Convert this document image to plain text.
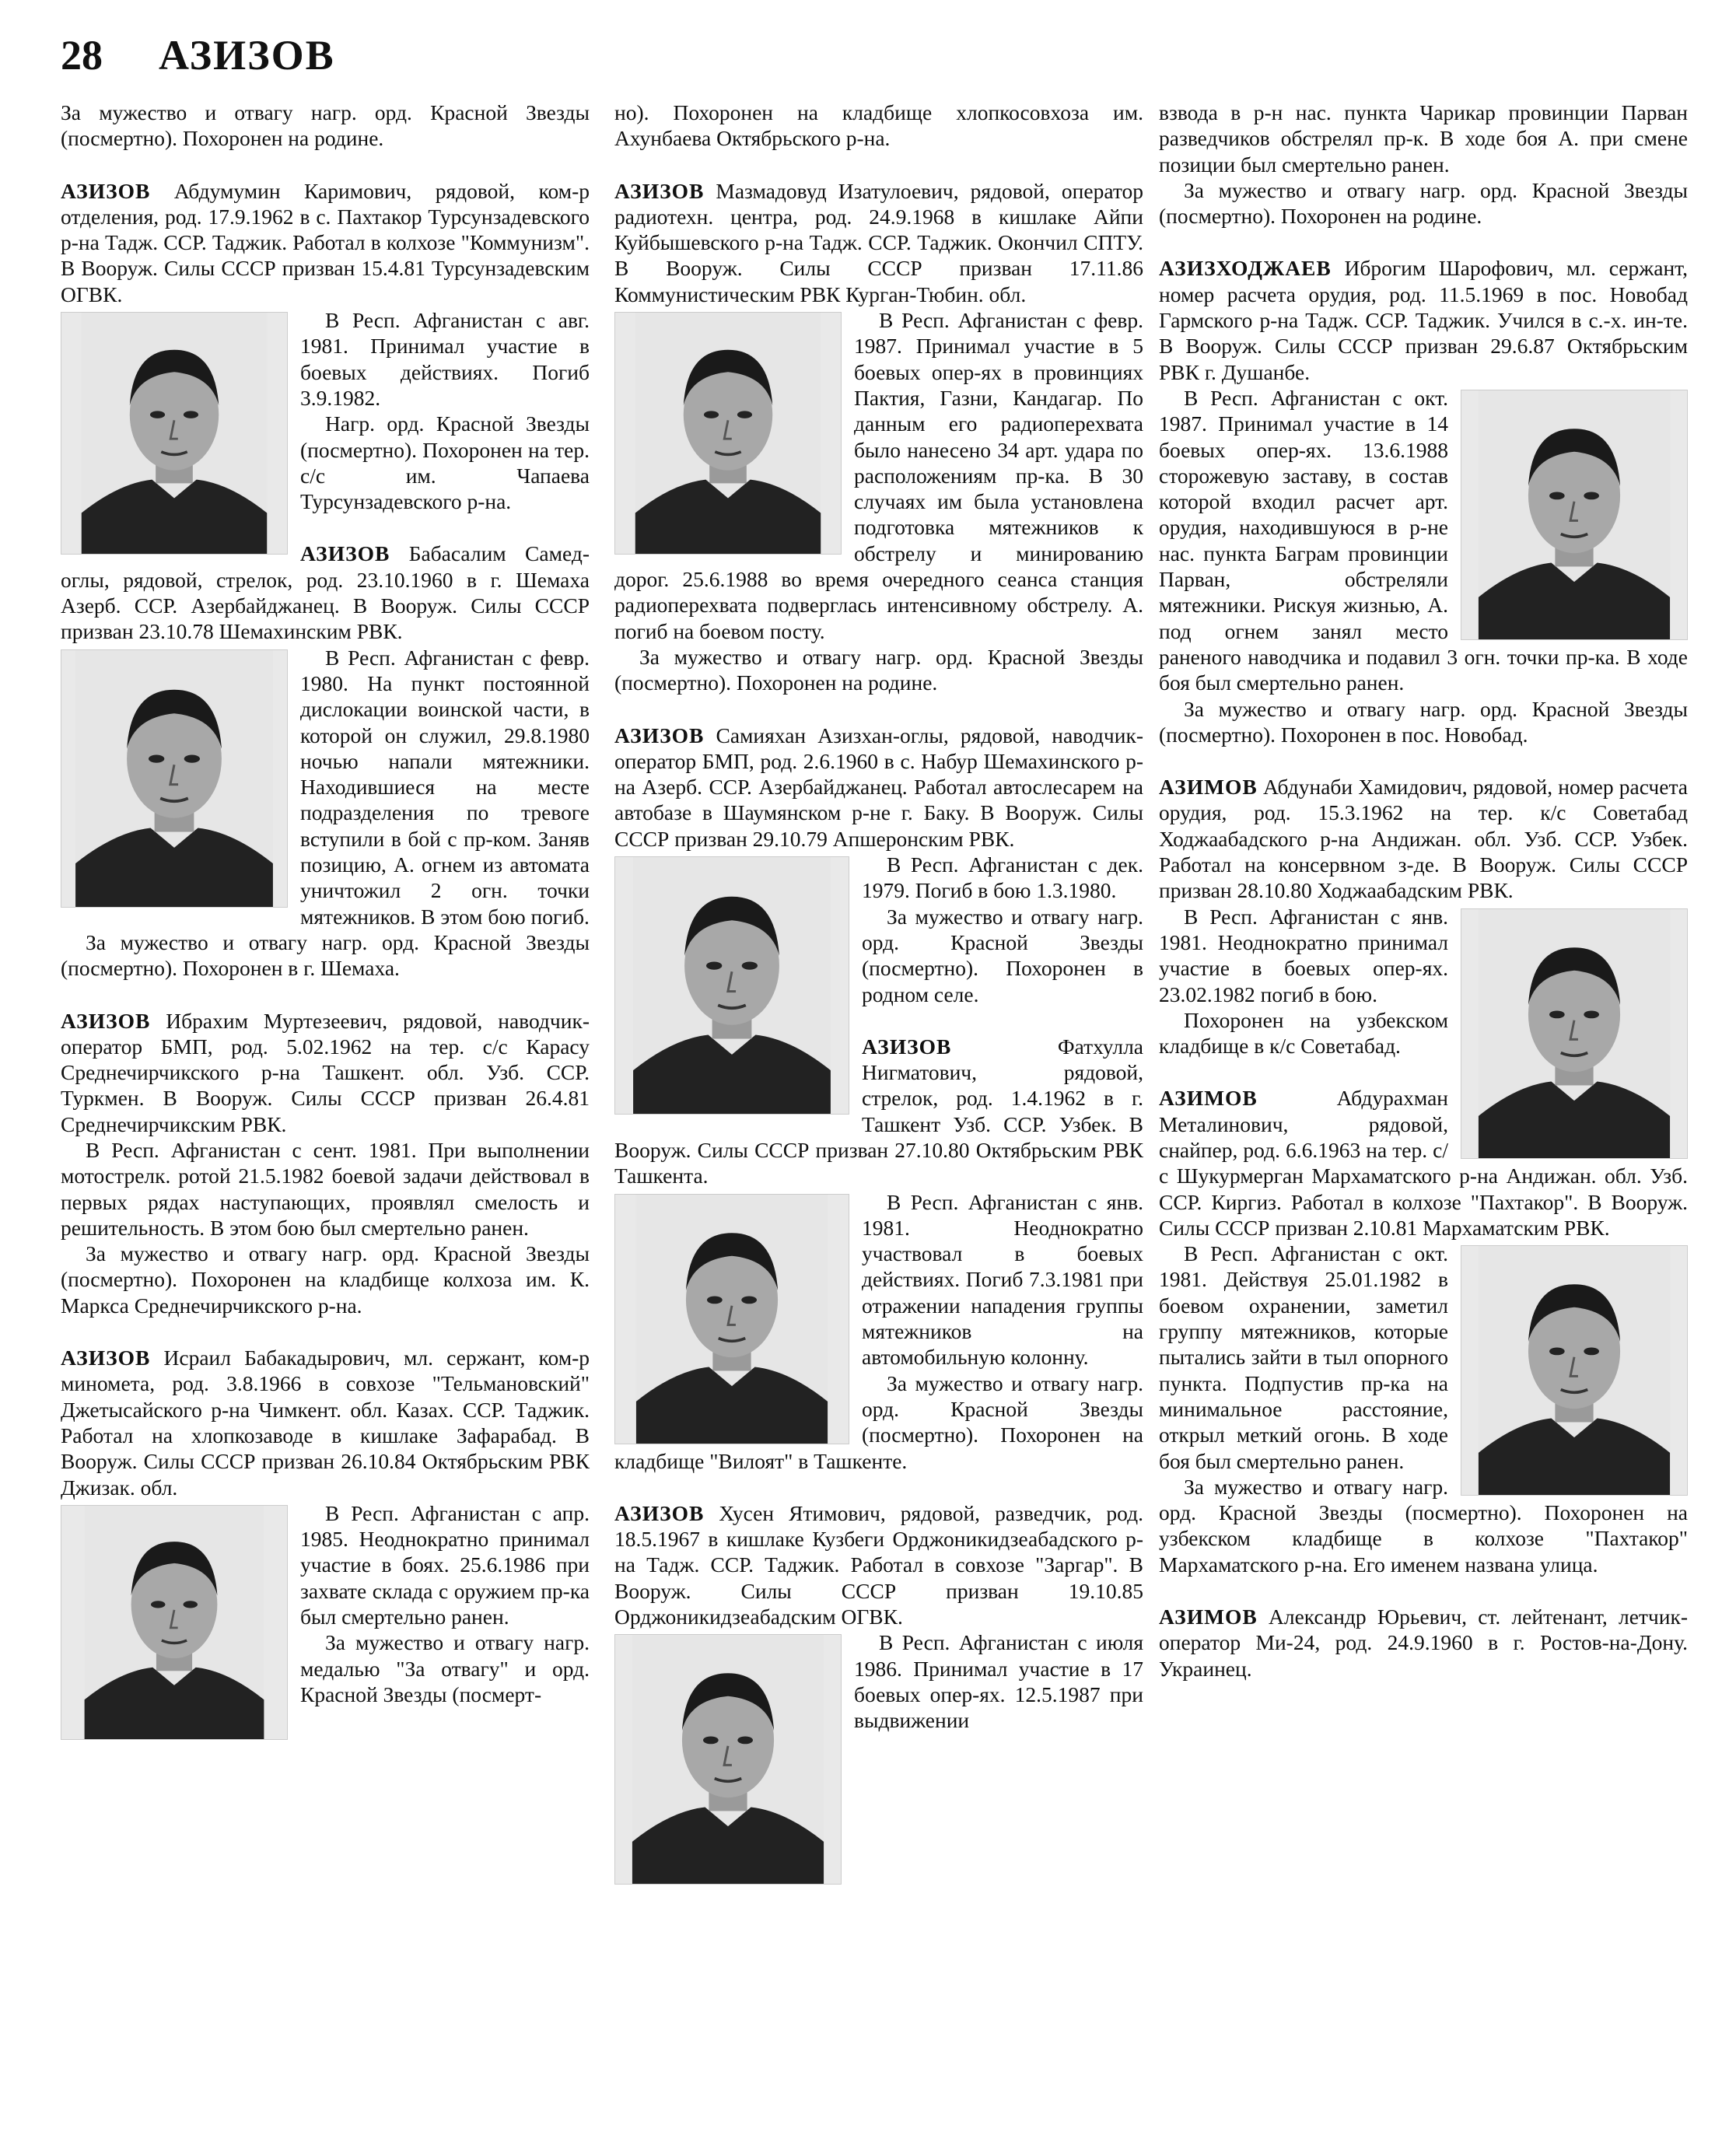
28 АЗИЗОВ

За мужество и отвагу нагр. орд. Красной Звезды (посмертно). Похоронен на родине.

АЗИЗОВ Абдумумин Каримович, рядовой, ком-р отделения, род. 17.9.1962 в с. Пахтакор Турсунзадевского р-на Тадж. ССР. Таджик. Работал в колхозе "Коммунизм". В Вооруж. Силы СССР призван 15.4.81 Турсунзадевским ОГВК.

В Респ. Афганистан с авг. 1981. Принимал участие в боевых действиях. Погиб 3.9.1982.

Нагр. орд. Красной Звезды (посмертно). Похоронен на тер. с/с им. Чапаева Турсунзадевского р-на.

АЗИЗОВ Бабасалим Самед-оглы, рядовой, стрелок, род. 23.10.1960 в г. Шемаха Азерб. ССР. Азербайджанец. В Вооруж. Силы СССР призван 23.10.78 Шемахинским РВК.

В Респ. Афганистан с февр. 1980. На пункт постоянной дислокации воинской части, в которой он служил, 29.8.1980 ночью напали мятежники. Находившиеся на месте подразделения по тревоге вступили в бой с пр-ком. Заняв позицию, А. огнем из автомата уничтожил 2 огн. точки мятежников. В этом бою погиб.

За мужество и отвагу нагр. орд. Красной Звезды (посмертно). Похоронен в г. Шемаха.

АЗИЗОВ Ибрахим Муртезеевич, рядовой, наводчик-оператор БМП, род. 5.02.1962 на тер. с/с Карасу Среднечирчикского р-на Ташкент. обл. Узб. ССР. Туркмен. В Вооруж. Силы СССР призван 26.4.81 Среднечирчикским РВК.

В Респ. Афганистан с сент. 1981. При выполнении мотострелк. ротой 21.5.1982 боевой задачи действовал в первых рядах наступающих, проявлял смелость и решительность. В этом бою был смертельно ранен.

За мужество и отвагу нагр. орд. Красной Звезды (посмертно). Похоронен на кладбище колхоза им. К. Маркса Среднечирчикского р-на.

АЗИЗОВ Исраил Бабакадырович, мл. сержант, ком-р миномета, род. 3.8.1966 в совхозе "Тельмановский" Джетысайского р-на Чимкент. обл. Казах. ССР. Таджик. Работал на хлопкозаводе в кишлаке Зафарабад. В Вооруж. Силы СССР призван 26.10.84 Октябрьским РВК Джизак. обл.

В Респ. Афганистан с апр. 1985. Неоднократно принимал участие в боях. 25.6.1986 при захвате склада с оружием пр-ка был смертельно ранен.

За мужество и отвагу нагр. медалью "За отвагу" и орд. Красной Звезды (посмерт-

но). Похоронен на кладбище хлопкосовхоза им. Ахунбаева Октябрьского р-на.

АЗИЗОВ Мазмадовуд Изатулоевич, рядовой, оператор радиотехн. центра, род. 24.9.1968 в кишлаке Айпи Куйбышевского р-на Тадж. ССР. Таджик. Окончил СПТУ. В Вооруж. Силы СССР призван 17.11.86 Коммунистическим РВК Курган-Тюбин. обл.

В Респ. Афганистан с февр. 1987. Принимал участие в 5 боевых опер-ях в провинциях Пактия, Газни, Кандагар. По данным его радиоперехвата было нанесено 34 арт. удара по расположениям пр-ка. В 30 случаях им была установлена подготовка мятежников к обстрелу и минированию дорог. 25.6.1988 во время очередного сеанса станция радиоперехвата подверглась интенсивному обстрелу. А. погиб на боевом посту.

За мужество и отвагу нагр. орд. Красной Звезды (посмертно). Похоронен на родине.

АЗИЗОВ Самияхан Азизхан-оглы, рядовой, наводчик-оператор БМП, род. 2.6.1960 в с. Набур Шемахинского р-на Азерб. ССР. Азербайджанец. Работал автослесарем на автобазе в Шаумянском р-не г. Баку. В Вооруж. Силы СССР призван 29.10.79 Апшеронским РВК.

В Респ. Афганистан с дек. 1979. Погиб в бою 1.3.1980.

За мужество и отвагу нагр. орд. Красной Звезды (посмертно). Похоронен в родном селе.

АЗИЗОВ	Фатхулла Нигматович, рядовой, стрелок, род. 1.4.1962 в г. Ташкент Узб. ССР. Узбек. В Вооруж. Силы СССР призван 27.10.80 Октябрьским РВК Ташкента.

В Респ. Афганистан с янв. 1981. Неоднократно участвовал в боевых действиях. Погиб 7.3.1981 при отражении нападения группы мятежников на автомобильную колонну.

За мужество и отвагу нагр. орд. Красной Звезды (посмертно). Похоронен на кладбище "Вилоят" в Ташкенте.

АЗИЗОВ Хусен Ятимович, рядовой, разведчик, род. 18.5.1967 в кишлаке Кузбеги Орджоникидзеабадского р-на Тадж. ССР. Таджик. Работал в совхозе "Заргар". В Вооруж. Силы СССР призван 19.10.85 Орджоникидзеабадским ОГВК.

В Респ. Афганистан с июля 1986. Принимал участие в 17 боевых опер-ях. 12.5.1987 при выдвижении

взвода в р-н нас. пункта Чарикар провинции Парван разведчиков обстрелял пр-к. В ходе боя А. при смене позиции был смертельно ранен.

За мужество и отвагу нагр. орд. Красной Звезды (посмертно). Похоронен на родине.

АЗИЗХОДЖАЕВ Иброгим Шарофович, мл. сержант, номер расчета орудия, род. 11.5.1969 в пос. Новобад Гармского р-на Тадж. ССР. Таджик. Учился в с.-х. ин-те. В Вооруж. Силы СССР призван 29.6.87 Октябрьским РВК г. Душанбе.

В Респ. Афганистан с окт. 1987. Принимал участие в 14 боевых опер-ях. 13.6.1988 сторожевую заставу, в состав которой входил расчет арт. орудия, находившуюся в р-не нас. пункта Баграм провинции Парван, обстреляли мятежники. Рискуя жизнью, А. под огнем занял место раненого наводчика и подавил 3 огн. точки пр-ка. В ходе боя был смертельно ранен.

За мужество и отвагу нагр. орд. Красной Звезды (посмертно). Похоронен в пос. Новобад.

АЗИМОВ Абдунаби Хамидович, рядовой, номер расчета орудия, род. 15.3.1962 на тер. к/с Советабад Ходжаабадского р-на Андижан. обл. Узб. ССР. Узбек. Работал на консервном з-де. В Вооруж. Силы СССР призван 28.10.80 Ходжаабадским РВК.

В Респ. Афганистан с янв. 1981. Неоднократно принимал участие в боевых опер-ях. 23.02.1982 погиб в бою.

Похоронен на узбекском кладбище в к/с Советабад.

АЗИМОВ	Абдурахман Металинович, рядовой, снайпер, род. 6.6.1963 на тер. с/с Шукурмерган Мархаматского р-на Андижан. обл. Узб. ССР. Киргиз. Работал в колхозе "Пахтакор". В Вооруж. Силы СССР призван 2.10.81 Мархаматским РВК.

В Респ. Афганистан с окт. 1981. Действуя 25.01.1982 в боевом охранении, заметил группу мятежников, которые пытались зайти в тыл опорного пункта. Подпустив пр-ка на минимальное расстояние, открыл меткий огонь. В ходе боя был смертельно ранен.

За мужество и отвагу нагр. орд. Красной Звезды (посмертно). Похоронен на узбекском кладбище в колхозе "Пахтакор" Мархаматского р-на. Его именем названа улица.

АЗИМОВ Александр Юрьевич, ст. лейтенант, летчик-оператор Ми-24, род. 24.9.1960 в г. Ростов-на-Дону. Украинец.
